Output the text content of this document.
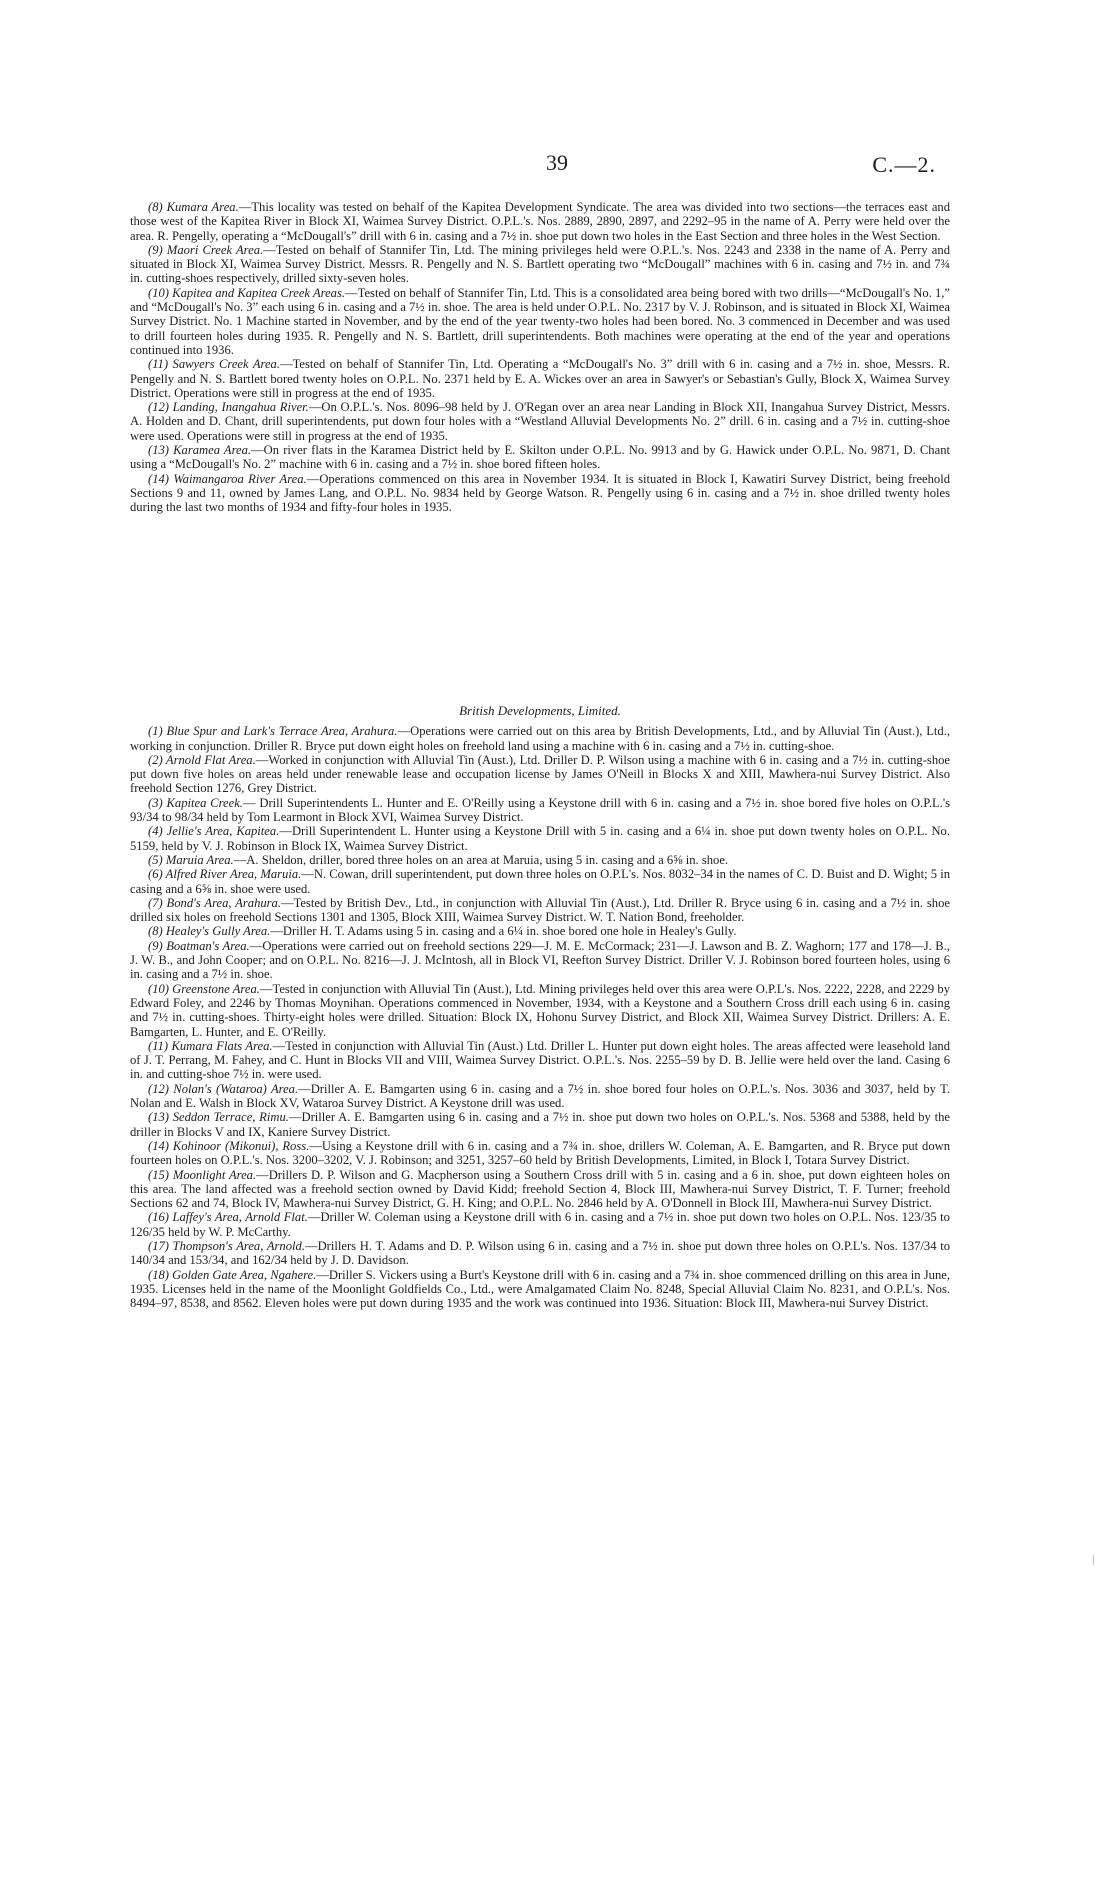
39	C.—2.

(8) Kumara Area.—This locality was tested on behalf of the Kapitea Development Syndicate. The area was divided into two sections—the terraces east and those west of the Kapitea River in Block XI, Waimea Survey District. O.P.L.'s. Nos. 2889, 2890, 2897, and 2292–95 in the name of A. Perry were held over the area. R. Pengelly, operating a “McDougall's” drill with 6 in. casing and a 7½ in. shoe put down two holes in the East Section and three holes in the West Section.

(9) Maori Creek Area.—Tested on behalf of Stannifer Tin, Ltd. The mining privileges held were O.P.L.'s. Nos. 2243 and 2338 in the name of A. Perry and situated in Block XI, Waimea Survey District. Messrs. R. Pengelly and N. S. Bartlett operating two “McDougall” machines with 6 in. casing and 7½ in. and 7¾ in. cutting-shoes respectively, drilled sixty-seven holes.

(10) Kapitea and Kapitea Creek Areas.—Tested on behalf of Stannifer Tin, Ltd. This is a consolidated area being bored with two drills—“McDougall's No. 1,” and “McDougall's No. 3” each using 6 in. casing and a 7½ in. shoe. The area is held under O.P.L. No. 2317 by V. J. Robinson, and is situated in Block XI, Waimea Survey District. No. 1 Machine started in November, and by the end of the year twenty-two holes had been bored. No. 3 commenced in December and was used to drill fourteen holes during 1935. R. Pengelly and N. S. Bartlett, drill superintendents. Both machines were operating at the end of the year and operations continued into 1936.

(11) Sawyers Creek Area.—Tested on behalf of Stannifer Tin, Ltd. Operating a “McDougall's No. 3” drill with 6 in. casing and a 7½ in. shoe, Messrs. R. Pengelly and N. S. Bartlett bored twenty holes on O.P.L. No. 2371 held by E. A. Wickes over an area in Sawyer's or Sebastian's Gully, Block X, Waimea Survey District. Operations were still in progress at the end of 1935.

(12) Landing, Inangahua River.—On O.P.L.'s. Nos. 8096–98 held by J. O'Regan over an area near Landing in Block XII, Inangahua Survey District, Messrs. A. Holden and D. Chant, drill superintendents, put down four holes with a “Westland Alluvial Developments No. 2” drill. 6 in. casing and a 7½ in. cutting-shoe were used. Operations were still in progress at the end of 1935.

(13) Karamea Area.—On river flats in the Karamea District held by E. Skilton under O.P.L. No. 9913 and by G. Hawick under O.P.L. No. 9871, D. Chant using a “McDougall's No. 2” machine with 6 in. casing and a 7½ in. shoe bored fifteen holes.

(14) Waimangaroa River Area.—Operations commenced on this area in November 1934. It is situated in Block I, Kawatiri Survey District, being freehold Sections 9 and 11, owned by James Lang, and O.P.L. No. 9834 held by George Watson. R. Pengelly using 6 in. casing and a 7½ in. shoe drilled twenty holes during the last two months of 1934 and fifty-four holes in 1935.

British Developments, Limited.

(1) Blue Spur and Lark's Terrace Area, Arahura.—Operations were carried out on this area by British Developments, Ltd., and by Alluvial Tin (Aust.), Ltd., working in conjunction. Driller R. Bryce put down eight holes on freehold land using a machine with 6 in. casing and a 7½ in. cutting-shoe.

(2) Arnold Flat Area.—Worked in conjunction with Alluvial Tin (Aust.), Ltd. Driller D. P. Wilson using a machine with 6 in. casing and a 7½ in. cutting-shoe put down five holes on areas held under renewable lease and occupation license by James O'Neill in Blocks X and XIII, Mawhera-nui Survey District. Also freehold Section 1276, Grey District.

(3) Kapitea Creek.— Drill Superintendents L. Hunter and E. O'Reilly using a Keystone drill with 6 in. casing and a 7½ in. shoe bored five holes on O.P.L.'s 93/34 to 98/34 held by Tom Learmont in Block XVI, Waimea Survey District.

(4) Jellie's Area, Kapitea.—Drill Superintendent L. Hunter using a Keystone Drill with 5 in. casing and a 6¼ in. shoe put down twenty holes on O.P.L. No. 5159, held by V. J. Robinson in Block IX, Waimea Survey District.

(5) Maruia Area.—A. Sheldon, driller, bored three holes on an area at Maruia, using 5 in. casing and a 6⅝ in. shoe.

(6) Alfred River Area, Maruia.—N. Cowan, drill superintendent, put down three holes on O.P.L's. Nos. 8032–34 in the names of C. D. Buist and D. Wight; 5 in casing and a 6⅝ in. shoe were used.

(7) Bond's Area, Arahura.—Tested by British Dev., Ltd., in conjunction with Alluvial Tin (Aust.), Ltd. Driller R. Bryce using 6 in. casing and a 7½ in. shoe drilled six holes on freehold Sections 1301 and 1305, Block XIII, Waimea Survey District. W. T. Nation Bond, freeholder.

(8) Healey's Gully Area.—Driller H. T. Adams using 5 in. casing and a 6¼ in. shoe bored one hole in Healey's Gully.

(9) Boatman's Area.—Operations were carried out on freehold sections 229—J. M. E. McCormack; 231—J. Lawson and B. Z. Waghorn; 177 and 178—J. B., J. W. B., and John Cooper; and on O.P.L. No. 8216—J. J. McIntosh, all in Block VI, Reefton Survey District. Driller V. J. Robinson bored fourteen holes, using 6 in. casing and a 7½ in. shoe.

(10) Greenstone Area.—Tested in conjunction with Alluvial Tin (Aust.), Ltd. Mining privileges held over this area were O.P.L's. Nos. 2222, 2228, and 2229 by Edward Foley, and 2246 by Thomas Moynihan. Operations commenced in November, 1934, with a Keystone and a Southern Cross drill each using 6 in. casing and 7½ in. cutting-shoes. Thirty-eight holes were drilled. Situation: Block IX, Hohonu Survey District, and Block XII, Waimea Survey District. Drillers: A. E. Bamgarten, L. Hunter, and E. O'Reilly.

(11) Kumara Flats Area.—Tested in conjunction with Alluvial Tin (Aust.) Ltd. Driller L. Hunter put down eight holes. The areas affected were leasehold land of J. T. Perrang, M. Fahey, and C. Hunt in Blocks VII and VIII, Waimea Survey District. O.P.L.'s. Nos. 2255–59 by D. B. Jellie were held over the land. Casing 6 in. and cutting-shoe 7½ in. were used.

(12) Nolan's (Wataroa) Area.—Driller A. E. Bamgarten using 6 in. casing and a 7½ in. shoe bored four holes on O.P.L.'s. Nos. 3036 and 3037, held by T. Nolan and E. Walsh in Block XV, Wataroa Survey District. A Keystone drill was used.

(13) Seddon Terrace, Rimu.—Driller A. E. Bamgarten using 6 in. casing and a 7½ in. shoe put down two holes on O.P.L.'s. Nos. 5368 and 5388, held by the driller in Blocks V and IX, Kaniere Survey District.

(14) Kohinoor (Mikonui), Ross.—Using a Keystone drill with 6 in. casing and a 7¾ in. shoe, drillers W. Coleman, A. E. Bamgarten, and R. Bryce put down fourteen holes on O.P.L.'s. Nos. 3200–3202, V. J. Robinson; and 3251, 3257–60 held by British Developments, Limited, in Block I, Totara Survey District.

(15) Moonlight Area.—Drillers D. P. Wilson and G. Macpherson using a Southern Cross drill with 5 in. casing and a 6 in. shoe, put down eighteen holes on this area. The land affected was a freehold section owned by David Kidd; freehold Section 4, Block III, Mawhera-nui Survey District, T. F. Turner; freehold Sections 62 and 74, Block IV, Mawhera-nui Survey District, G. H. King; and O.P.L. No. 2846 held by A. O'Donnell in Block III, Mawhera-nui Survey District.

(16) Laffey's Area, Arnold Flat.—Driller W. Coleman using a Keystone drill with 6 in. casing and a 7½ in. shoe put down two holes on O.P.L. Nos. 123/35 to 126/35 held by W. P. McCarthy.

(17) Thompson's Area, Arnold.—Drillers H. T. Adams and D. P. Wilson using 6 in. casing and a 7½ in. shoe put down three holes on O.P.L's. Nos. 137/34 to 140/34 and 153/34, and 162/34 held by J. D. Davidson.

(18) Golden Gate Area, Ngahere.—Driller S. Vickers using a Burt's Keystone drill with 6 in. casing and a 7¾ in. shoe commenced drilling on this area in June, 1935. Licenses held in the name of the Moonlight Goldfields Co., Ltd., were Amalgamated Claim No. 8248, Special Alluvial Claim No. 8231, and O.P.L's. Nos. 8494–97, 8538, and 8562. Eleven holes were put down during 1935 and the work was continued into 1936. Situation: Block III, Mawhera-nui Survey District.
